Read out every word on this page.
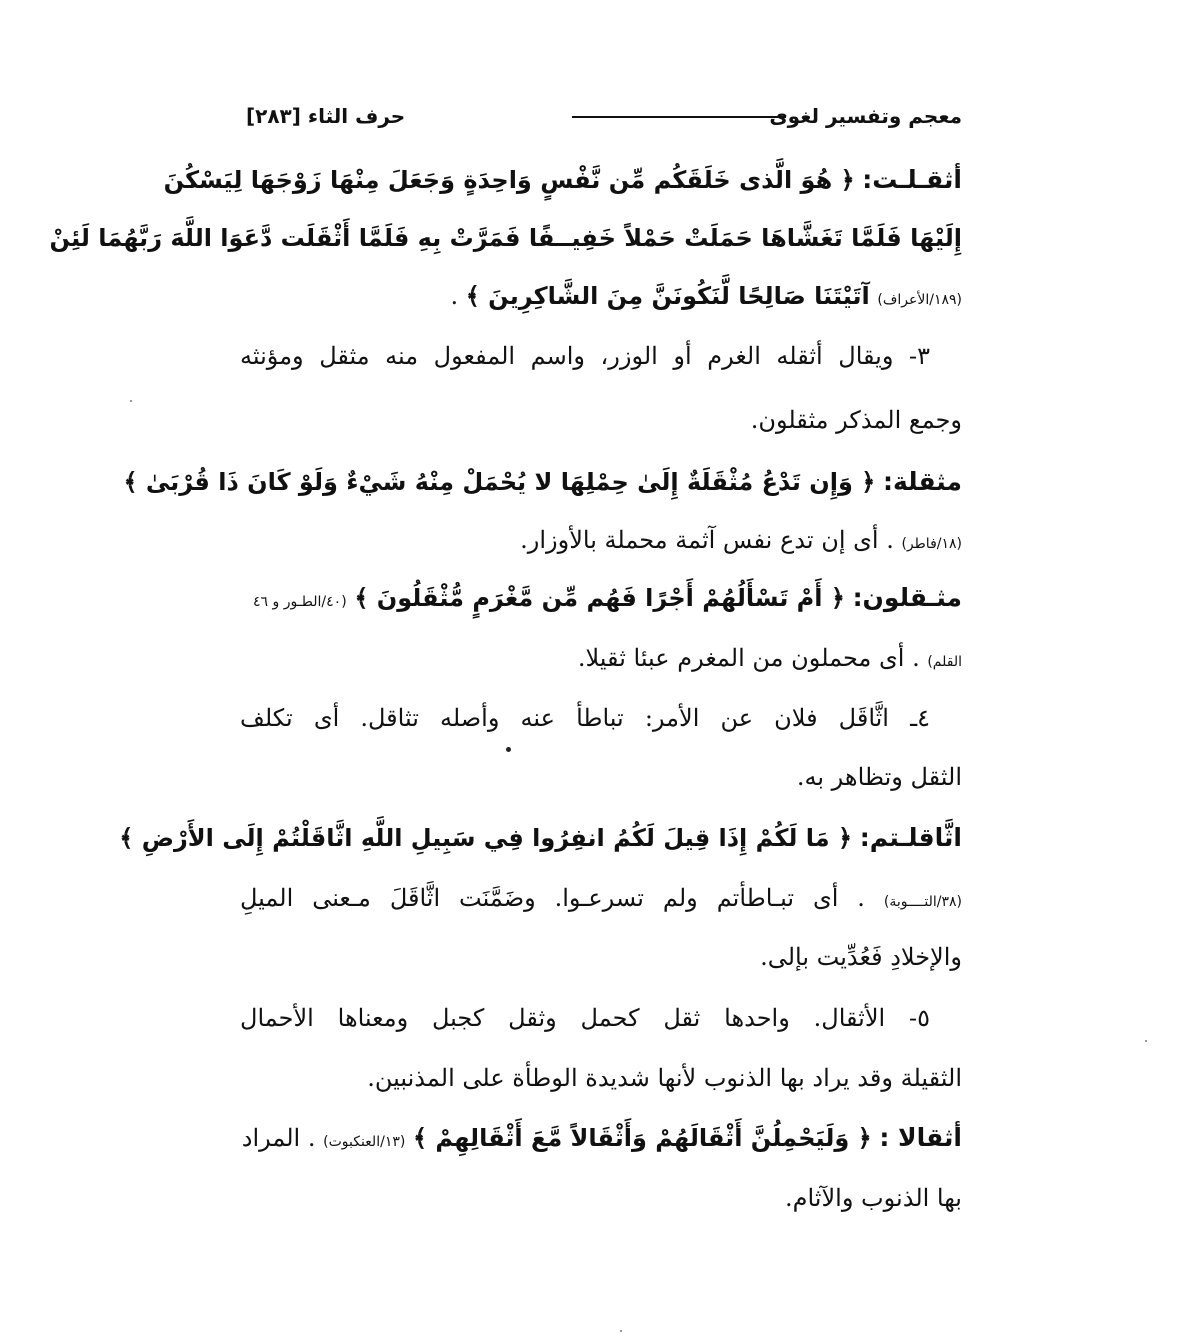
معجم وتفسير لغوى
حرف الثاء [٢٨٣]
أثقـلـت: ﴿ هُوَ الَّذى خَلَقَكُم مِّن نَّفْسٍ وَاحِدَةٍ وَجَعَلَ مِنْهَا زَوْجَهَا لِيَسْكُنَ
إِلَيْهَا فَلَمَّا تَغَشَّاهَا حَمَلَتْ حَمْلاً خَفِيــفًا فَمَرَّتْ بِهِ فَلَمَّا أَثْقَلَت دَّعَوَا اللَّهَ رَبَّهُمَا لَئِنْ
(١٨٩/الأعراف) آتَيْتَنَا صَالِحًا لَّنَكُونَنَّ مِنَ الشَّاكِرِينَ ﴾ .
٣- ويقال أثقله الغرم أو الوزر، واسم المفعول منه مثقل ومؤنثه
وجمع المذكر مثقلون.
مثقلة: ﴿ وَإِن تَدْعُ مُثْقَلَةٌ إِلَىٰ حِمْلِهَا لا يُحْمَلْ مِنْهُ شَيْءٌ وَلَوْ كَانَ ذَا قُرْبَىٰ ﴾
(١٨/فاطر) . أى إن تدع نفس آثمة محملة بالأوزار.
مثـقلون: ﴿ أَمْ تَسْأَلُهُمْ أَجْرًا فَهُم مِّن مَّغْرَمٍ مُّثْقَلُونَ ﴾ (٤٠/الطـور و ٤٦
القلم) . أى محملون من المغرم عبئا ثقيلا.
٤ـ اثَّاقَل فلان عن الأمر: تباطأ عنه وأصله تثاقل. أى تكلف
الثقل وتظاهر به.
اثَّاقلـتم: ﴿ مَا لَكُمْ إِذَا قِيلَ لَكُمُ انفِرُوا فِي سَبِيلِ اللَّهِ اثَّاقَلْتُمْ إِلَى الأَرْضِ ﴾
(٣٨/التــــوبة) . أى تبـاطأتم ولم تسرعـوا. وضَمَّنَت اثَّاقَلَ مـعنى الميلِ
والإخلادِ فَعُدِّيت بإلى.
٥- الأثقال. واحدها ثقل كحمل وثقل كجبل ومعناها الأحمال
الثقيلة وقد يراد بها الذنوب لأنها شديدة الوطأة على المذنبين.
أثقالا : ﴿ وَلَيَحْمِلُنَّ أَثْقَالَهُمْ وَأَثْقَالاً مَّعَ أَثْقَالِهِمْ ﴾ (١٣/العنكبوت) . المراد
بها الذنوب والآثام.
